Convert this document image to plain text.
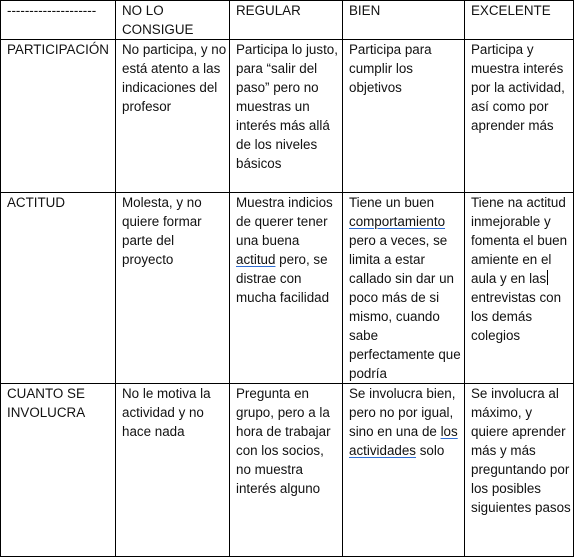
--------------------	NO LO CONSIGUE	REGULAR	BIEN	EXCELENTE
PARTICIPACIÓN	No participa, y no está atento a las indicaciones del profesor	Participa lo justo, para “salir del paso” pero no muestras un interés más allá de los niveles básicos	Participa para cumplir los objetivos	Participa y muestra interés por la actividad, así como por aprender más
ACTITUD	Molesta, y no quiere formar parte del proyecto	Muestra indicios de querer tener una buena actitud pero, se distrae con mucha facilidad	Tiene un buen comportamiento pero a veces, se limita a estar callado sin dar un poco más de si mismo, cuando sabe perfectamente que podría	Tiene na actitud inmejorable y fomenta el buen amiente en el aula y en lasentrevistas con los demás colegios
CUANTO SE INVOLUCRA	No le motiva la actividad y no hace nada	Pregunta en grupo, pero a la hora de trabajar con los socios, no muestra interés alguno	Se involucra bien, pero no por igual, sino en una de los actividades solo	Se involucra al máximo, y quiere aprender más y más preguntando por los posibles siguientes pasos
